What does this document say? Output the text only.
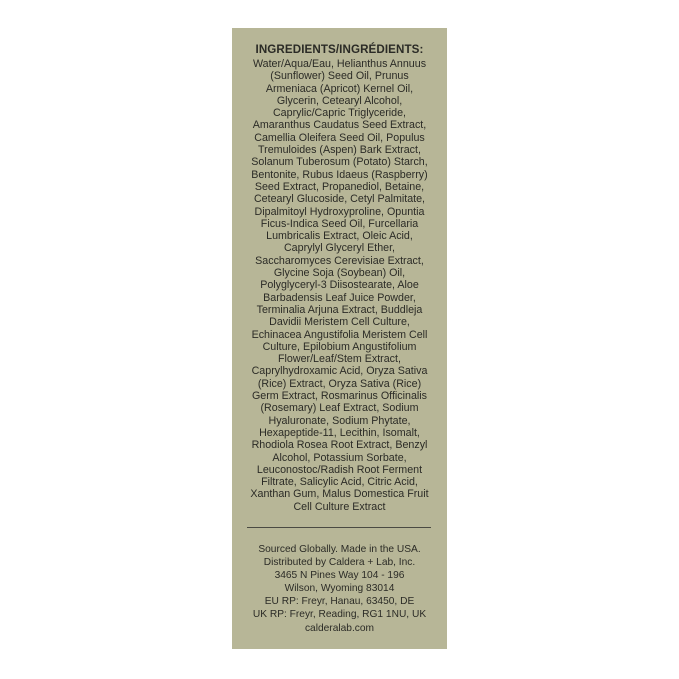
INGREDIENTS/INGRÉDIENTS:
Water/Aqua/Eau, Helianthus Annuus
(Sunflower) Seed Oil, Prunus
Armeniaca (Apricot) Kernel Oil,
Glycerin, Cetearyl Alcohol,
Caprylic/Capric Triglyceride,
Amaranthus Caudatus Seed Extract,
Camellia Oleifera Seed Oil, Populus
Tremuloides (Aspen) Bark Extract,
Solanum Tuberosum (Potato) Starch,
Bentonite, Rubus Idaeus (Raspberry)
Seed Extract, Propanediol, Betaine,
Cetearyl Glucoside, Cetyl Palmitate,
Dipalmitoyl Hydroxyproline, Opuntia
Ficus-Indica Seed Oil, Furcellaria
Lumbricalis Extract, Oleic Acid,
Caprylyl Glyceryl Ether,
Saccharomyces Cerevisiae Extract,
Glycine Soja (Soybean) Oil,
Polyglyceryl-3 Diisostearate, Aloe
Barbadensis Leaf Juice Powder,
Terminalia Arjuna Extract, Buddleja
Davidii Meristem Cell Culture,
Echinacea Angustifolia Meristem Cell
Culture, Epilobium Angustifolium
Flower/Leaf/Stem Extract,
Caprylhydroxamic Acid, Oryza Sativa
(Rice) Extract, Oryza Sativa (Rice)
Germ Extract, Rosmarinus Officinalis
(Rosemary) Leaf Extract, Sodium
Hyaluronate, Sodium Phytate,
Hexapeptide-11, Lecithin, Isomalt,
Rhodiola Rosea Root Extract, Benzyl
Alcohol, Potassium Sorbate,
Leuconostoc/Radish Root Ferment
Filtrate, Salicylic Acid, Citric Acid,
Xanthan Gum, Malus Domestica Fruit
Cell Culture Extract
Sourced Globally. Made in the USA.
Distributed by Caldera + Lab, Inc.
3465 N Pines Way 104 - 196
Wilson, Wyoming 83014
EU RP: Freyr, Hanau, 63450, DE
UK RP: Freyr, Reading, RG1 1NU, UK
calderalab.com
